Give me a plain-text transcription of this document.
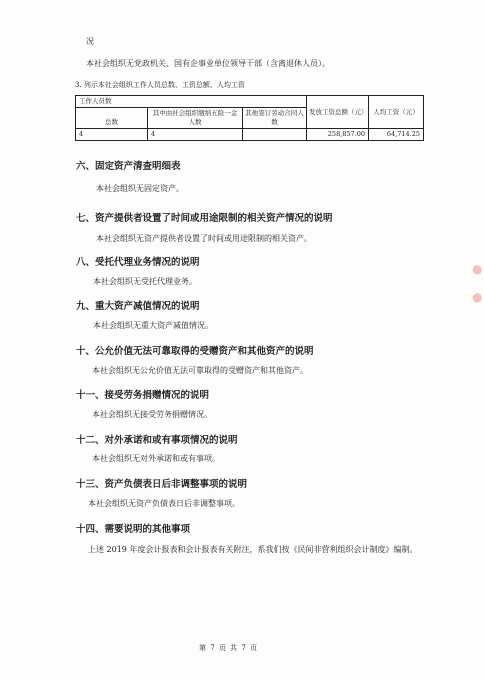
况
本社会组织无党政机关、国有企事业单位领导干部（含离退休人员）。
3. 列示本社会组织工作人员总数、工资总额、人均工资
工作人员数			发放工资总额（元）	人均工资（元）
总数	其中由社会组织缴纳五险一金人数	其他签订劳动合同人数		

4	4		258,857.00	64,714.25
六、固定资产清查明细表
本社会组织无固定资产。
七、资产提供者设置了时间或用途限制的相关资产情况的说明
本社会组织无资产提供者设置了时间或用途限制的相关资产。
八、受托代理业务情况的说明
本社会组织无受托代理业务。
九、重大资产减值情况的说明
本社会组织无重大资产减值情况。
十、公允价值无法可靠取得的受赠资产和其他资产的说明
本社会组织无公允价值无法可靠取得的受赠资产和其他资产。
十一、接受劳务捐赠情况的说明
本社会组织无接受劳务捐赠情况。
十二、对外承诺和或有事项情况的说明
本社会组织无对外承诺和或有事项。
十三、资产负债表日后非调整事项的说明
本社会组织无资产负债表日后非调整事项。
十四、需要说明的其他事项
上述 2019 年度会计报表和会计报表有关附注，系我们按《民间非营利组织会计制度》编制。
第 7 页 共 7 页
●
●
